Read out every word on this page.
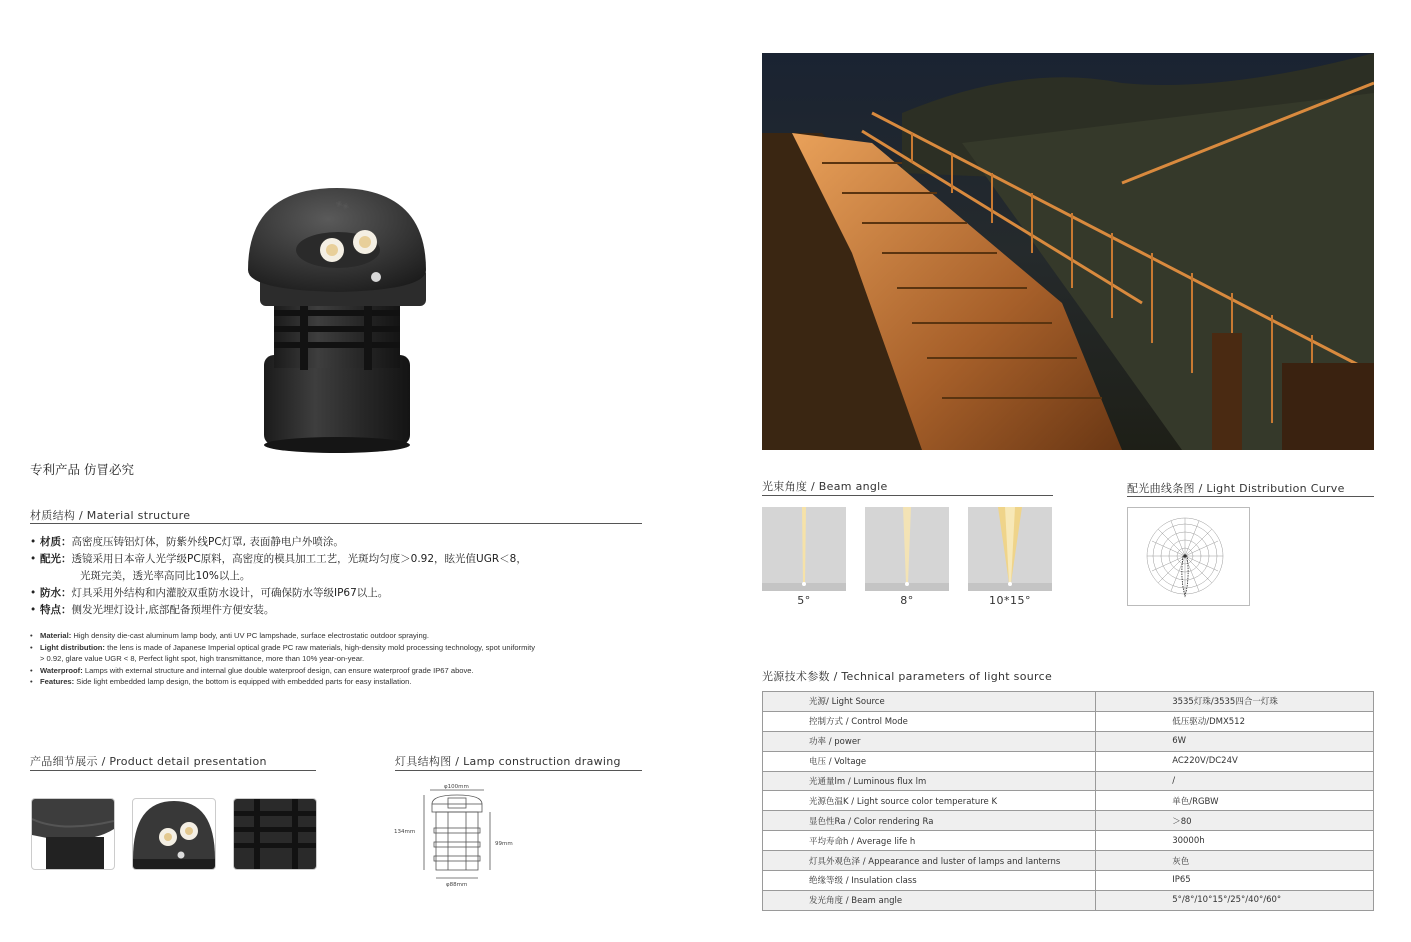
◈◈
专利产品 仿冒必究
材质结构 / Material structure
• 材质：高密度压铸铝灯体，防紫外线PC灯罩, 表面静电户外喷涂。
• 配光：透镜采用日本帝人光学级PC原料，高密度的模具加工工艺，光斑均匀度＞0.92，眩光值UGR＜8，
光斑完美，透光率高同比10%以上。
• 防水：灯具采用外结构和内灌胶双重防水设计，可确保防水等级IP67以上。
• 特点：侧发光埋灯设计,底部配备预埋件方便安装。
• Material: High density die-cast aluminum lamp body, anti UV PC lampshade, surface electrostatic outdoor spraying.
• Light distribution: the lens is made of Japanese Imperial optical grade PC raw materials, high-density mold processing technology, spot uniformity > 0.92, glare value UGR < 8, Perfect light spot, high transmittance, more than 10% year-on-year.
• Waterproof: Lamps with external structure and internal glue double waterproof design, can ensure waterproof grade IP67 above.
• Features: Side light embedded lamp design, the bottom is equipped with embedded parts for easy installation.
产品细节展示 / Product detail presentation	灯具结构图 / Lamp construction drawing
φ100mm
134mm
99mm
φ88mm
光束角度 / Beam angle
5°	8°	10*15°
配光曲线条图 / Light Distribution Curve
光源技术参数 / Technical parameters of light source
光源/ Light Source	3535灯珠/3535四合一灯珠
控制方式 / Control Mode	低压驱动/DMX512
功率 / power	6W
电压 / Voltage	AC220V/DC24V
光通量lm / Luminous flux lm	/
光源色温K / Light source color temperature K	单色/RGBW
显色性Ra / Color rendering Ra	＞80
平均寿命h / Average life h	30000h
灯具外观色泽 / Appearance and luster of lamps and lanterns	灰色
绝缘等级 / Insulation class	IP65
发光角度 / Beam angle	5°/8°/10°15°/25°/40°/60°
